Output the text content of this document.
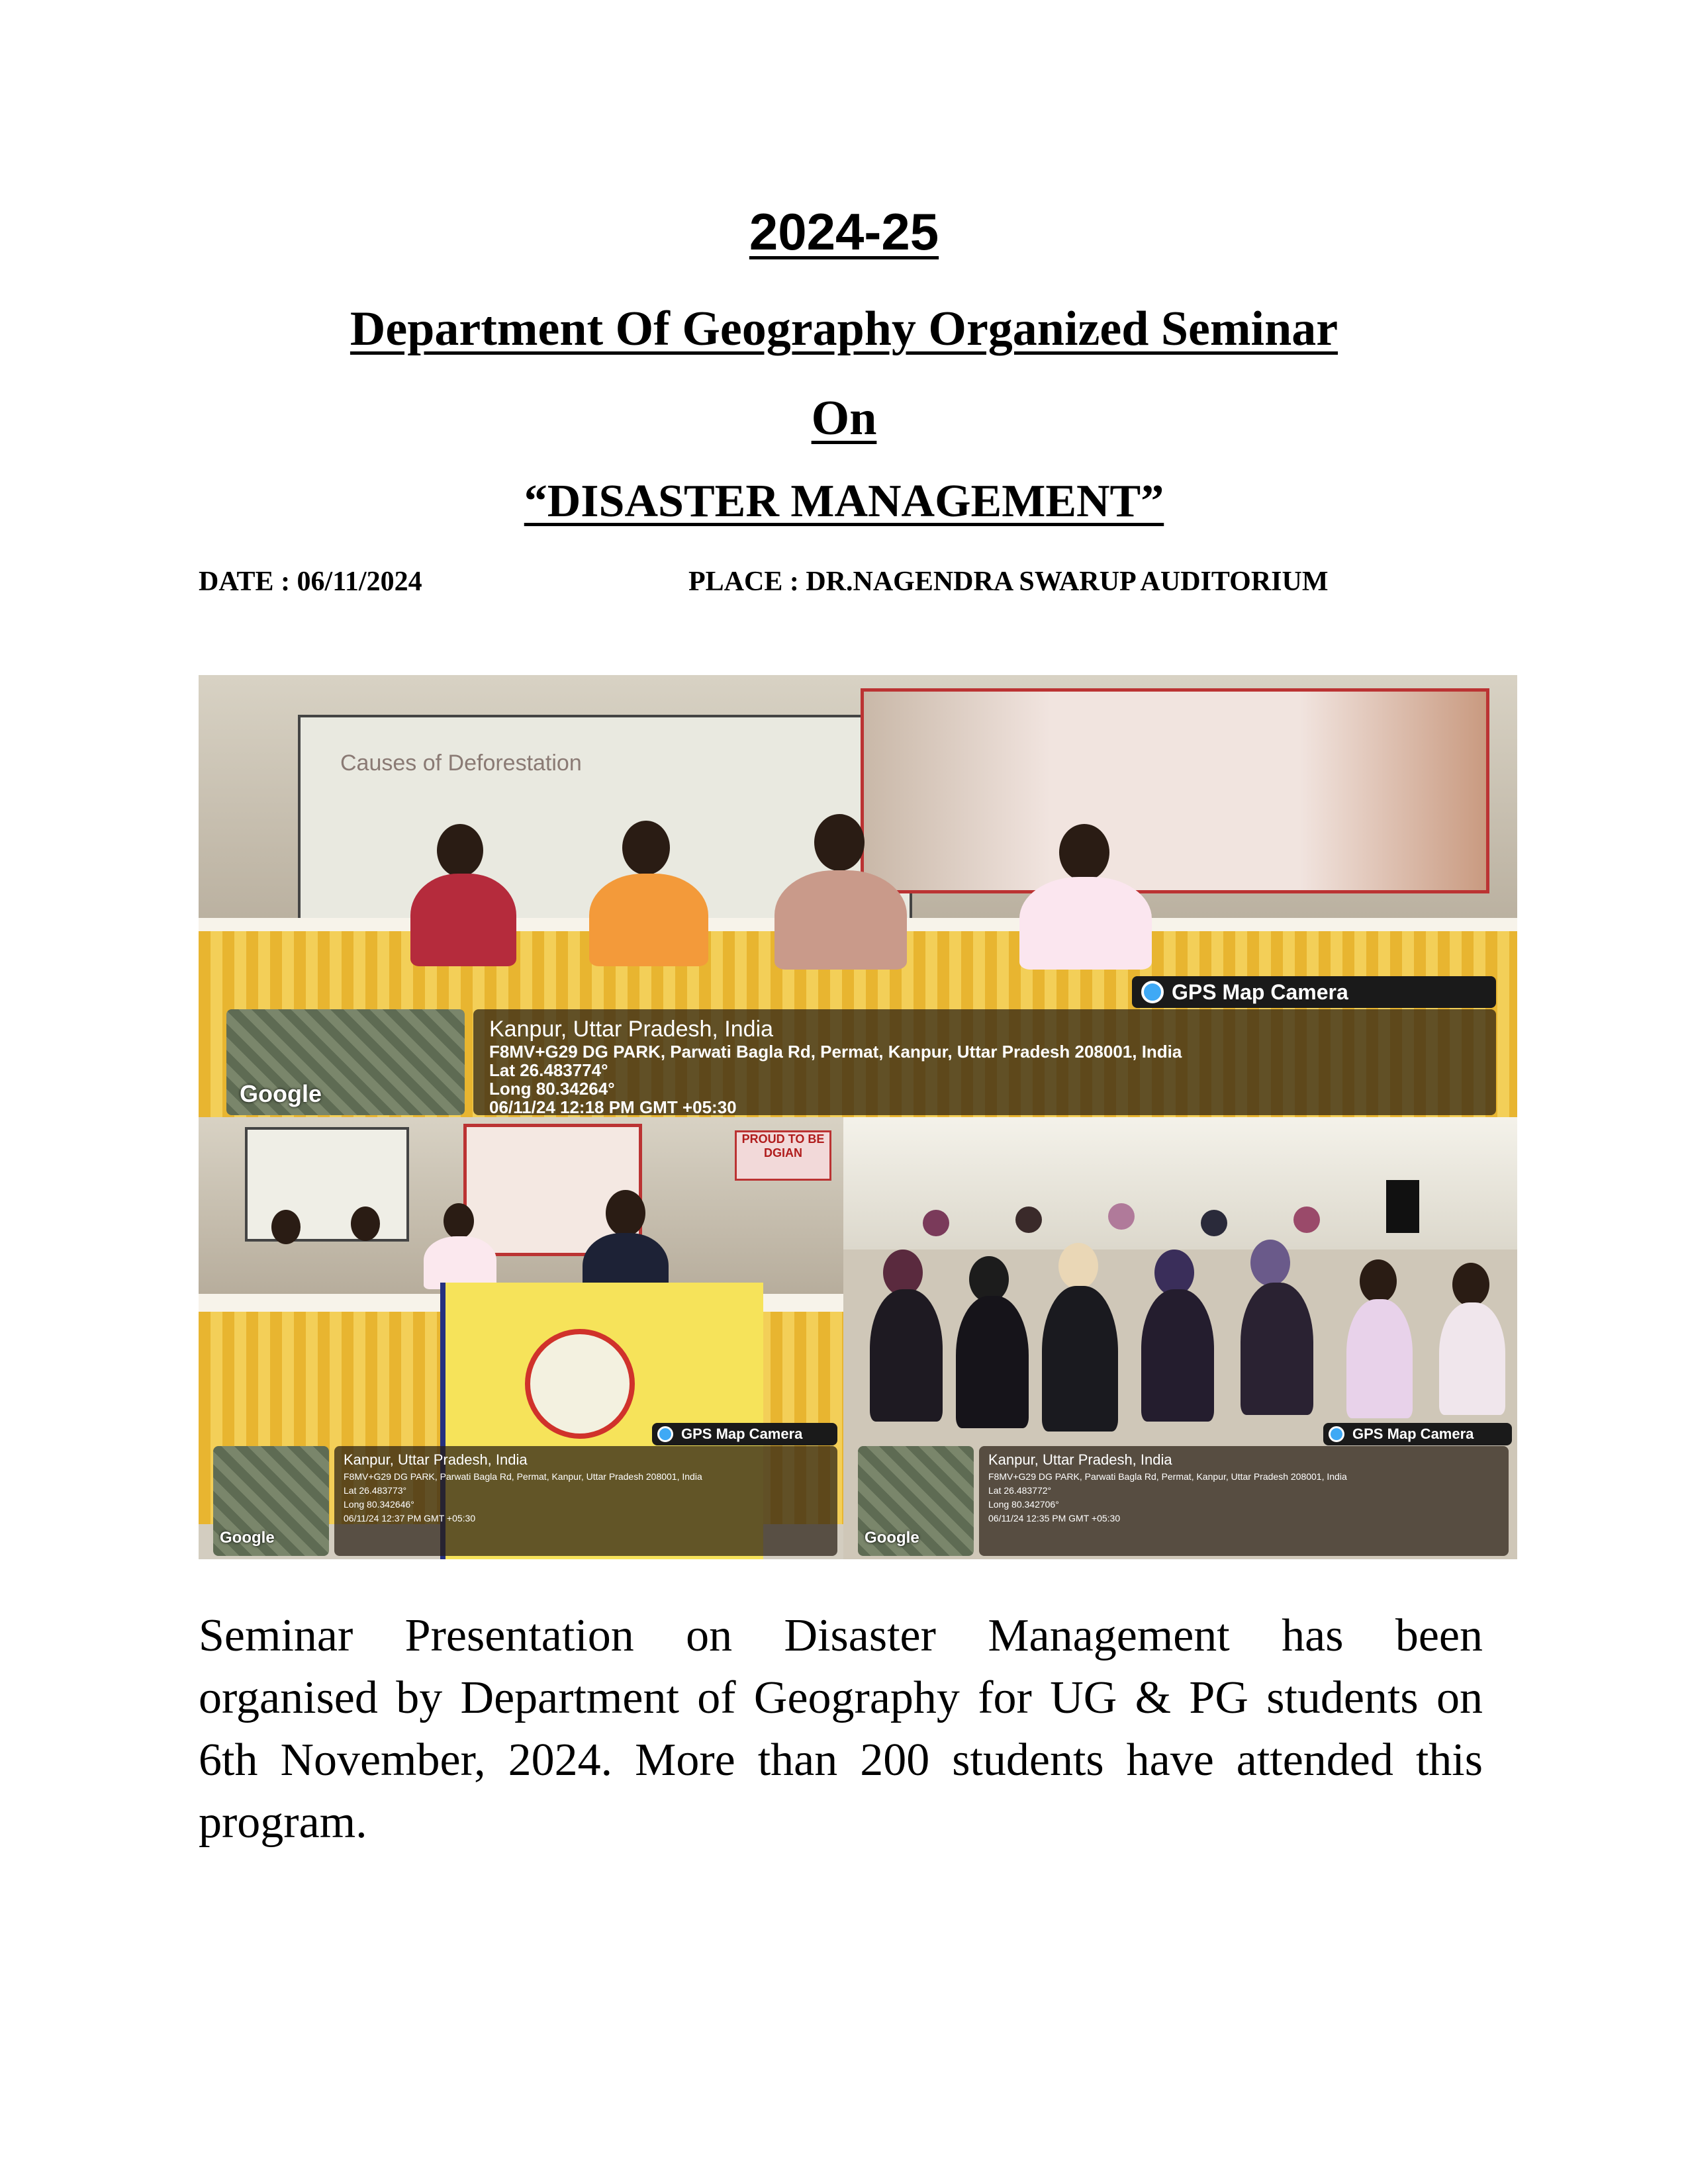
2024-25
Department Of Geography Organized Seminar
On
“DISASTER MANAGEMENT”
DATE : 06/11/2024	PLACE : DR.NAGENDRA SWARUP AUDITORIUM
Causes of Deforestation
GPS Map Camera
Google
Kanpur, Uttar Pradesh, India
F8MV+G29 DG PARK, Parwati Bagla Rd, Permat, Kanpur, Uttar Pradesh 208001, India
Lat 26.483774°
Long 80.34264°
06/11/24 12:18 PM GMT +05:30
PROUD TO BE DGIAN
GPS Map Camera
Google
Kanpur, Uttar Pradesh, India
F8MV+G29 DG PARK, Parwati Bagla Rd, Permat, Kanpur, Uttar Pradesh 208001, India
Lat 26.483773°
Long 80.342646°
06/11/24 12:37 PM GMT +05:30
GPS Map Camera
Google
Kanpur, Uttar Pradesh, India
F8MV+G29 DG PARK, Parwati Bagla Rd, Permat, Kanpur, Uttar Pradesh 208001, India
Lat 26.483772°
Long 80.342706°
06/11/24 12:35 PM GMT +05:30
Seminar Presentation on Disaster Management has been
organised by Department of Geography for UG & PG students on
6th November, 2024. More than 200 students have attended this
program.
